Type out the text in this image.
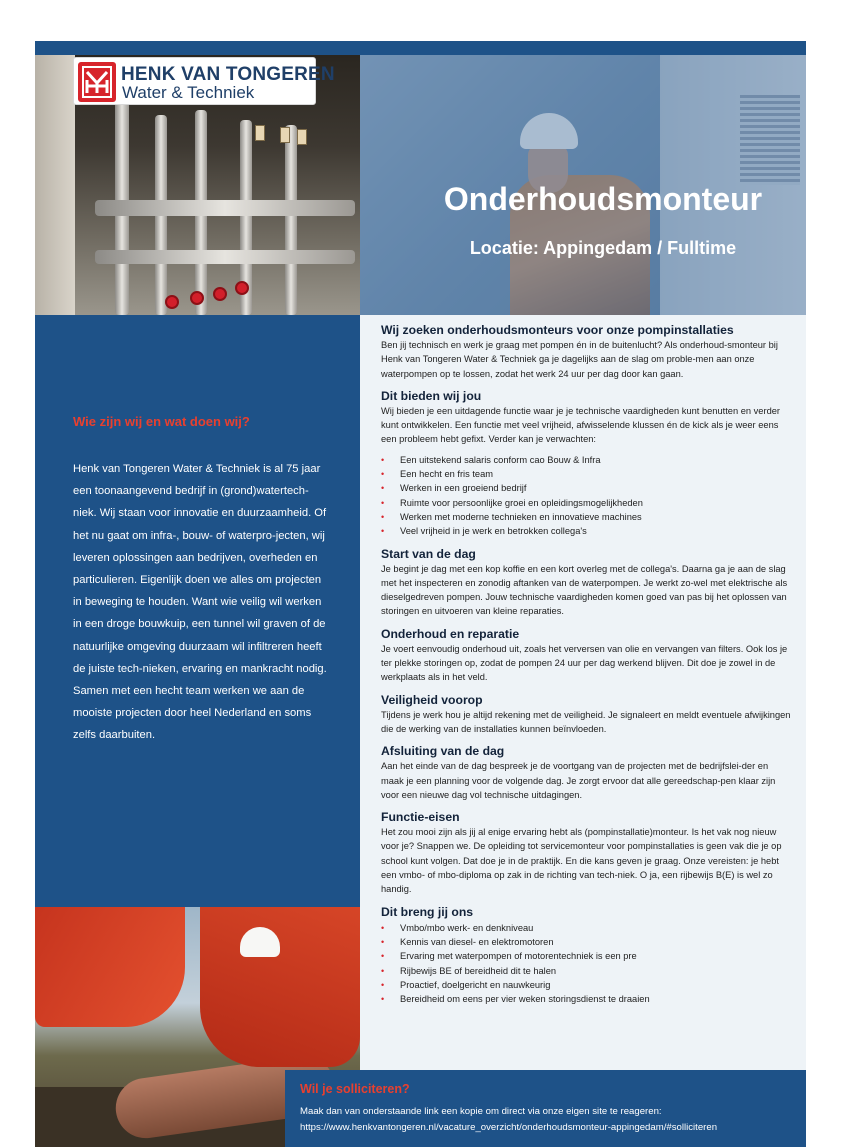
HENK VAN TONGEREN
Water & Techniek
Onderhoudsmonteur
Locatie: Appingedam / Fulltime
Wie zijn wij en wat doen wij?
Henk van Tongeren Water & Techniek is al 75 jaar een toonaangevend bedrijf in (grond)watertech-niek. Wij staan voor innovatie en duurzaamheid. Of het nu gaat om infra-, bouw- of waterpro-jecten, wij leveren oplossingen aan bedrijven, overheden en particulieren. Eigenlijk doen we alles om projecten in beweging te houden. Want wie veilig wil werken in een droge bouwkuip, een tunnel wil graven of de natuurlijke omgeving duurzaam wil infiltreren heeft de juiste tech-nieken, ervaring en mankracht nodig. Samen met een hecht team werken we aan de mooiste projecten door heel Nederland en soms zelfs daarbuiten.
Wij zoeken onderhoudsmonteurs voor onze pompinstallaties

Ben jij technisch en werk je graag met pompen én in de buitenlucht? Als onderhoud-smonteur bij Henk van Tongeren Water & Techniek ga je dagelijks aan de slag om proble-men aan onze waterpompen op te lossen, zodat het werk 24 uur per dag door kan gaan.

Dit bieden wij jou

Wij bieden je een uitdagende functie waar je je technische vaardigheden kunt benutten en verder kunt ontwikkelen. Een functie met veel vrijheid, afwisselende klussen én de kick als je weer eens een probleem hebt gefixt. Verder kan je verwachten:

• Een uitstekend salaris conform cao Bouw & Infra
• Een hecht en fris team
• Werken in een groeiend bedrijf
• Ruimte voor persoonlijke groei en opleidingsmogelijkheden
• Werken met moderne technieken en innovatieve machines
• Veel vrijheid in je werk en betrokken collega's
Start van de dag

Je begint je dag met een kop koffie en een kort overleg met de collega's. Daarna ga je aan de slag met het inspecteren en zonodig aftanken van de waterpompen. Je werkt zo-wel met elektrische als dieselgedreven pompen. Jouw technische vaardigheden komen goed van pas bij het oplossen van storingen en uitvoeren van kleine reparaties.

Onderhoud en reparatie

Je voert eenvoudig onderhoud uit, zoals het verversen van olie en vervangen van filters. Ook los je ter plekke storingen op, zodat de pompen 24 uur per dag werkend blijven. Dit doe je zowel in de werkplaats als in het veld.

Veiligheid voorop

Tijdens je werk hou je altijd rekening met de veiligheid. Je signaleert en meldt eventuele afwijkingen die de werking van de installaties kunnen beïnvloeden.

Afsluiting van de dag

Aan het einde van de dag bespreek je de voortgang van de projecten met de bedrijfslei-der en maak je een planning voor de volgende dag. Je zorgt ervoor dat alle gereedschap-pen klaar zijn voor een nieuwe dag vol technische uitdagingen.

Functie-eisen

Het zou mooi zijn als jij al enige ervaring hebt als (pompinstallatie)monteur. Is het vak nog nieuw voor je? Snappen we. De opleiding tot servicemonteur voor pompinstallaties is geen vak die je op school kunt volgen. Dat doe je in de praktijk. En die kans geven je graag. Onze vereisten: je hebt een vmbo- of mbo-diploma op zak in de richting van tech-niek. O ja, een rijbewijs B(E) is wel zo handig.

Dit breng jij ons
• Vmbo/mbo werk- en denkniveau
• Kennis van diesel- en elektromotoren
• Ervaring met waterpompen of motorentechniek is een pre
• Rijbewijs BE of bereidheid dit te halen
• Proactief, doelgericht en nauwkeurig
• Bereidheid om eens per vier weken storingsdienst te draaien
Wil je solliciteren?
Maak dan van onderstaande link een kopie om direct via onze eigen site te reageren:
https://www.henkvantongeren.nl/vacature_overzicht/onderhoudsmonteur-appingedam/#solliciteren
